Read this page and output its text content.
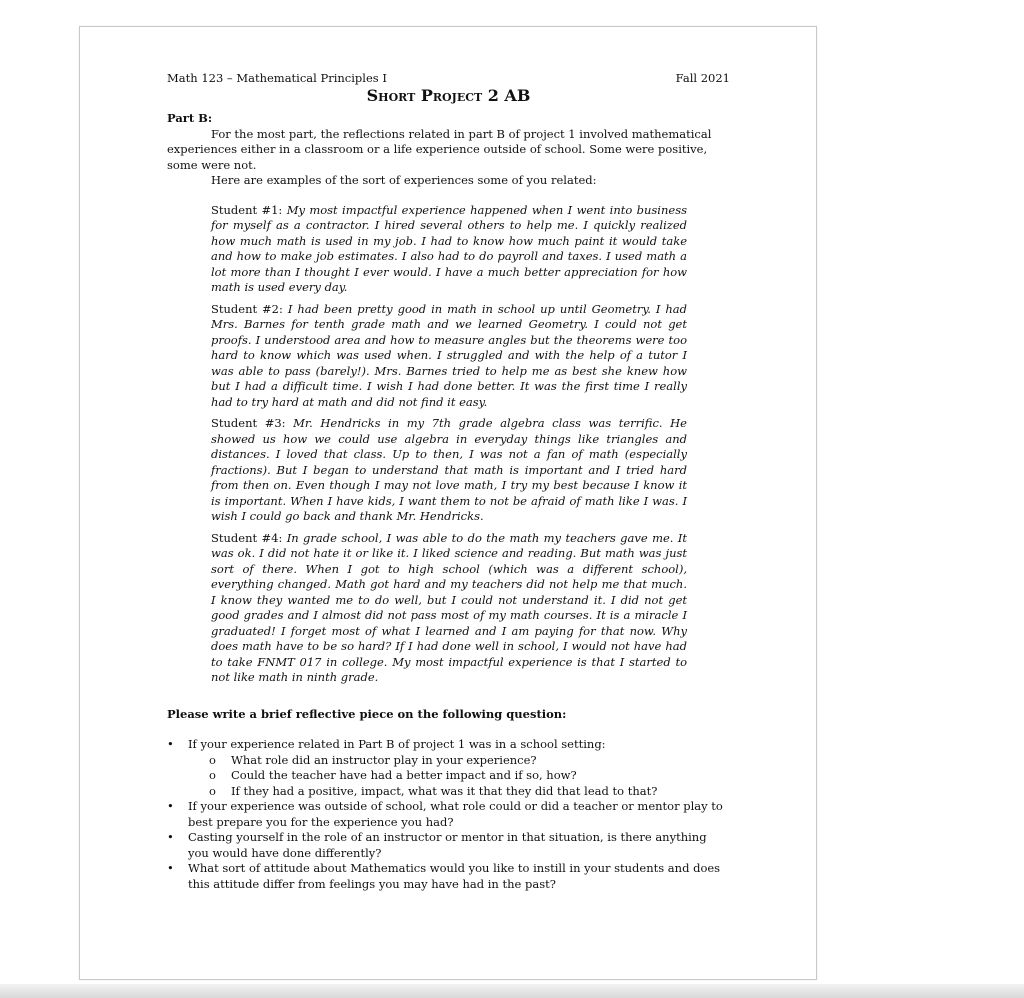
Math 123 – Mathematical Principles I	Fall 2021
Short Project 2 AB
Part B:

For the most part, the reflections related in part B of project 1 involved mathematical experiences either in a classroom or a life experience outside of school. Some were positive, some were not.

Here are examples of the sort of experiences some of you related:

Student #1: My most impactful experience happened when I went into business for myself as a contractor. I hired several others to help me. I quickly realized how much math is used in my job. I had to know how much paint it would take and how to make job estimates. I also had to do payroll and taxes. I used math a lot more than I thought I ever would. I have a much better appreciation for how math is used every day.

Student #2: I had been pretty good in math in school up until Geometry. I had Mrs. Barnes for tenth grade math and we learned Geometry. I could not get proofs. I understood area and how to measure angles but the theorems were too hard to know which was used when. I struggled and with the help of a tutor I was able to pass (barely!). Mrs. Barnes tried to help me as best she knew how but I had a difficult time. I wish I had done better. It was the first time I really had to try hard at math and did not find it easy.

Student #3: Mr. Hendricks in my 7th grade algebra class was terrific. He showed us how we could use algebra in everyday things like triangles and distances. I loved that class. Up to then, I was not a fan of math (especially fractions). But I began to understand that math is important and I tried hard from then on. Even though I may not love math, I try my best because I know it is important. When I have kids, I want them to not be afraid of math like I was. I wish I could go back and thank Mr. Hendricks.

Student #4: In grade school, I was able to do the math my teachers gave me. It was ok. I did not hate it or like it. I liked science and reading. But math was just sort of there. When I got to high school (which was a different school), everything changed. Math got hard and my teachers did not help me that much. I know they wanted me to do well, but I could not understand it. I did not get good grades and I almost did not pass most of my math courses. It is a miracle I graduated! I forget most of what I learned and I am paying for that now. Why does math have to be so hard? If I had done well in school, I would not have had to take FNMT 017 in college. My most impactful experience is that I started to not like math in ninth grade.

Please write a brief reflective piece on the following question:
• If your experience related in Part B of project 1 was in a school setting:
o What role did an instructor play in your experience?
o Could the teacher have had a better impact and if so, how?
o If they had a positive, impact, what was it that they did that lead to that?
• If your experience was outside of school, what role could or did a teacher or mentor play to best prepare you for the experience you had?
• Casting yourself in the role of an instructor or mentor in that situation, is there anything you would have done differently?
• What sort of attitude about Mathematics would you like to instill in your students and does this attitude differ from feelings you may have had in the past?
